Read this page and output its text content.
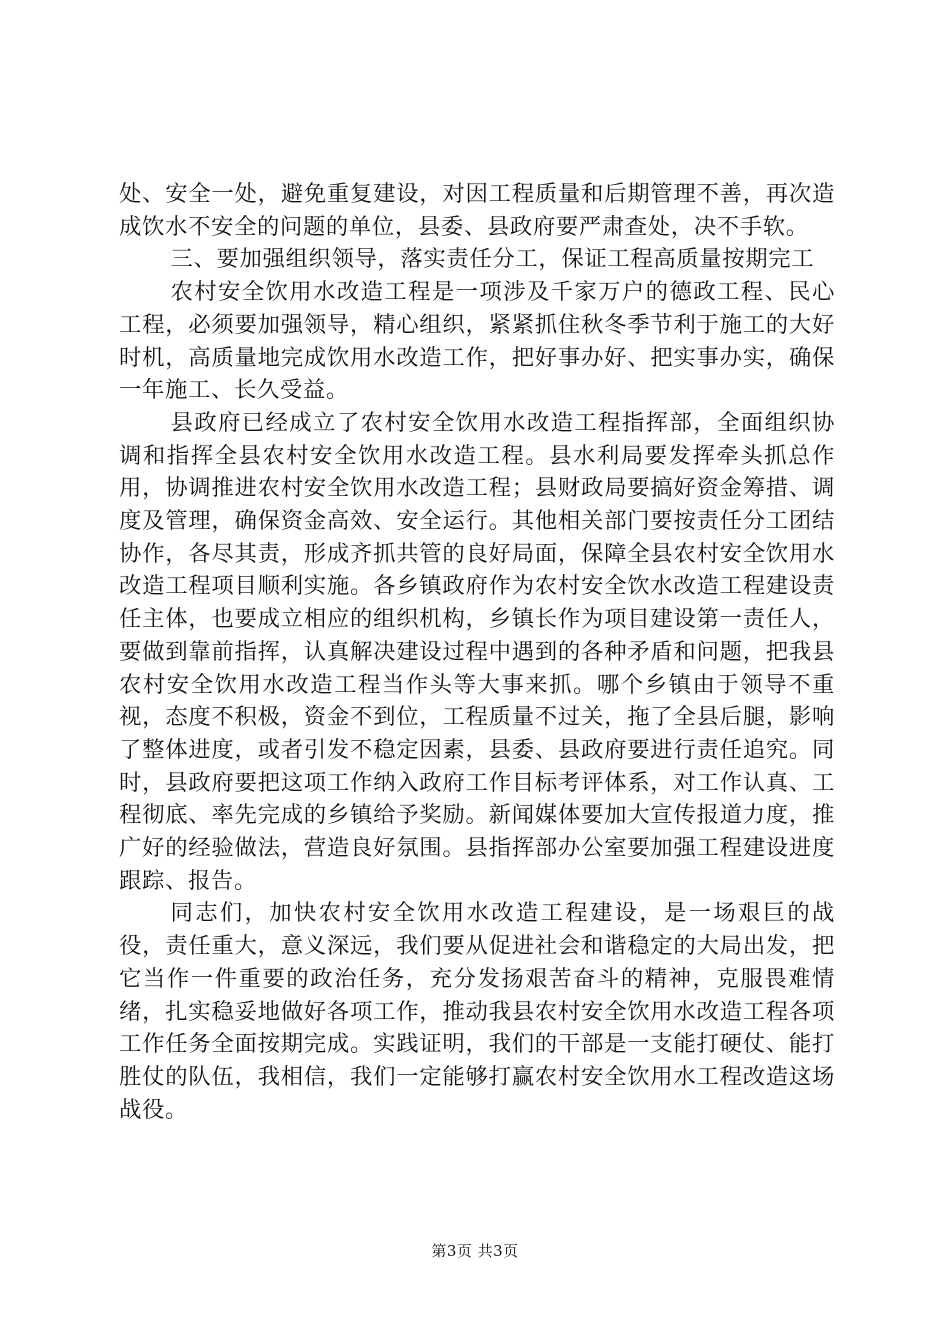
处、安全一处，避免重复建设，对因工程质量和后期管理不善，再次造成饮水不安全的问题的单位，县委、县政府要严肃查处，决不手软。

三、要加强组织领导，落实责任分工，保证工程高质量按期完工

农村安全饮用水改造工程是一项涉及千家万户的德政工程、民心工程，必须要加强领导，精心组织，紧紧抓住秋冬季节利于施工的大好时机，高质量地完成饮用水改造工作，把好事办好、把实事办实，确保一年施工、长久受益。

县政府已经成立了农村安全饮用水改造工程指挥部，全面组织协调和指挥全县农村安全饮用水改造工程。县水利局要发挥牵头抓总作用，协调推进农村安全饮用水改造工程；县财政局要搞好资金筹措、调度及管理，确保资金高效、安全运行。其他相关部门要按责任分工团结协作，各尽其责，形成齐抓共管的良好局面，保障全县农村安全饮用水改造工程项目顺利实施。各乡镇政府作为农村安全饮水改造工程建设责任主体，也要成立相应的组织机构，乡镇长作为项目建设第一责任人，要做到靠前指挥，认真解决建设过程中遇到的各种矛盾和问题，把我县农村安全饮用水改造工程当作头等大事来抓。哪个乡镇由于领导不重视，态度不积极，资金不到位，工程质量不过关，拖了全县后腿，影响了整体进度，或者引发不稳定因素，县委、县政府要进行责任追究。同时，县政府要把这项工作纳入政府工作目标考评体系，对工作认真、工程彻底、率先完成的乡镇给予奖励。新闻媒体要加大宣传报道力度，推广好的经验做法，营造良好氛围。县指挥部办公室要加强工程建设进度跟踪、报告。

同志们，加快农村安全饮用水改造工程建设，是一场艰巨的战役，责任重大，意义深远，我们要从促进社会和谐稳定的大局出发，把它当作一件重要的政治任务，充分发扬艰苦奋斗的精神，克服畏难情绪，扎实稳妥地做好各项工作，推动我县农村安全饮用水改造工程各项工作任务全面按期完成。实践证明，我们的干部是一支能打硬仗、能打胜仗的队伍，我相信，我们一定能够打赢农村安全饮用水工程改造这场战役。

第3页 共3页
